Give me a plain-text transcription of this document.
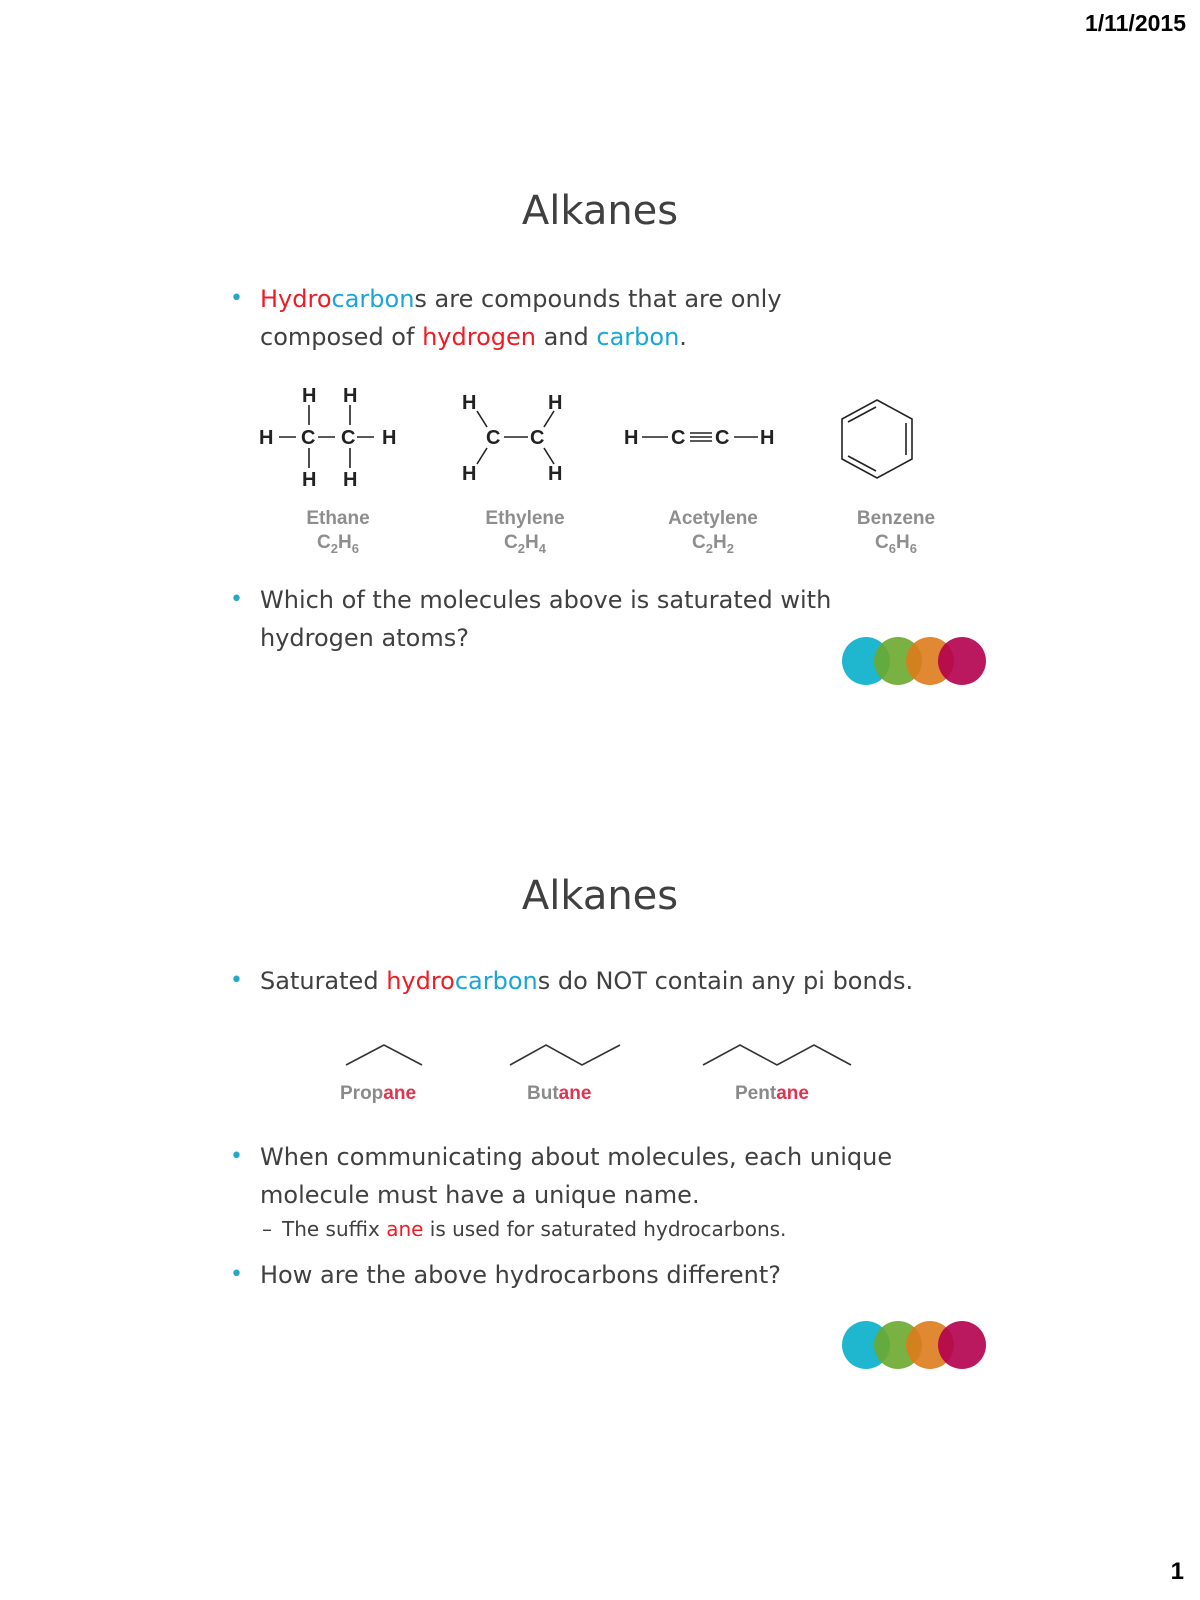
1/11/2015
Alkanes
• Hydrocarbons are compounds that are only
composed of hydrogen and carbon.
H C C H
H H
H H
H	H
C C
H	H
H C C H
Ethane
$C_2H_6$
Ethylene
$C_2H_4$
Acetylene
$C_2H_2$
Benzene
$C_6H_6$
• Which of the molecules above is saturated with
hydrogen atoms?
Alkanes
• Saturated hydrocarbons do NOT contain any pi bonds.
Propane	Butane	Pentane
• When communicating about molecules, each unique
molecule must have a unique name.
– The suffix ane is used for saturated hydrocarbons.
• How are the above hydrocarbons different?
1
